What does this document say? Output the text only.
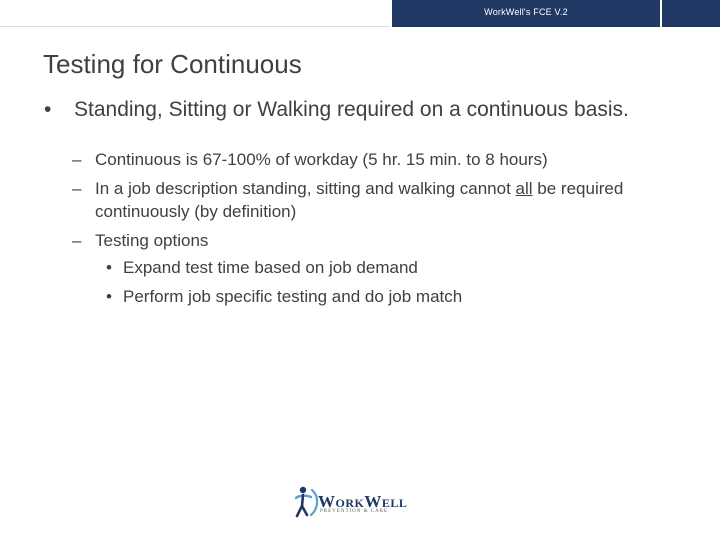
WorkWell's FCE V.2
Testing for Continuous
• Standing, Sitting or Walking required on a continuous basis.
– Continuous is 67-100% of workday (5 hr. 15 min. to 8 hours)
– In a job description standing, sitting and walking cannot all be required continuously (by definition)
– Testing options
• Expand test time based on job demand
• Perform job specific testing and do job match
WORKWELL
PREVENTION & CARE
